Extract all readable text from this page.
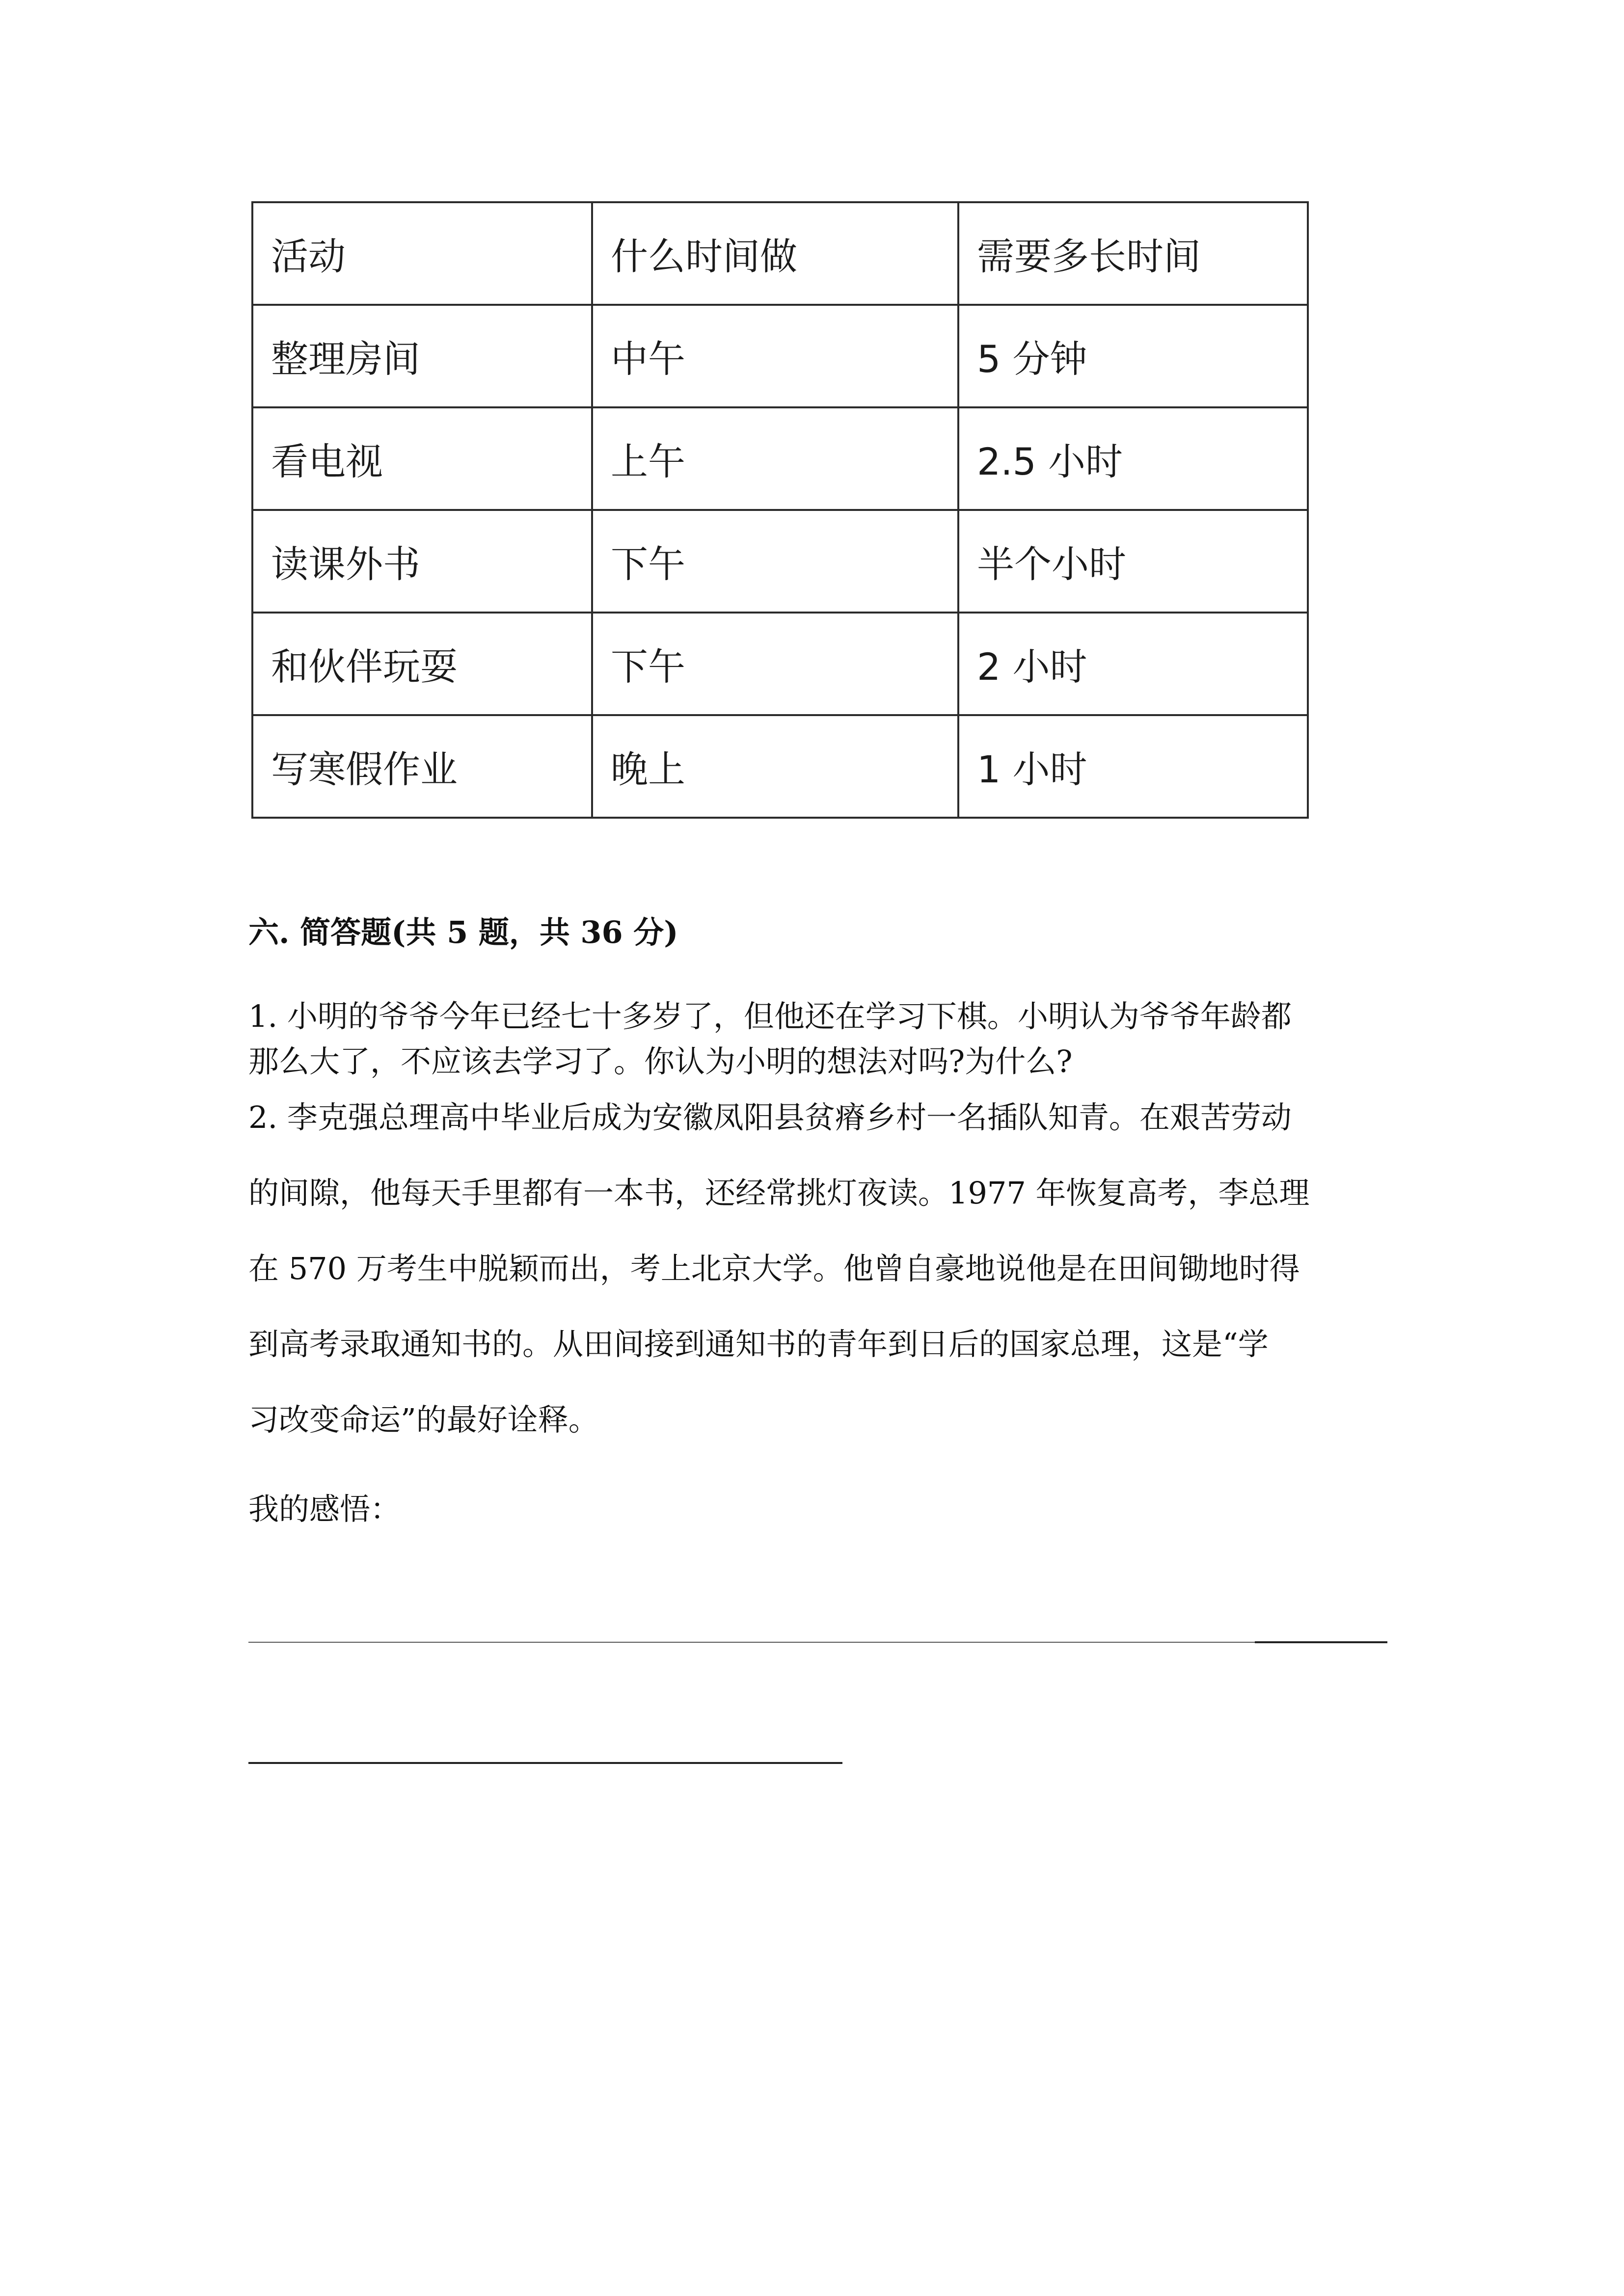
活动	什么时间做	需要多长时间
整理房间	中午	5 分钟
看电视	上午	2.5 小时
读课外书	下午	半个小时
和伙伴玩耍	下午	2 小时
写寒假作业	晚上	1 小时
六. 简答题(共 5 题，共 36 分)

1. 小明的爷爷今年已经七十多岁了，但他还在学习下棋。小明认为爷爷年龄都

那么大了，不应该去学习了。你认为小明的想法对吗?为什么?

2. 李克强总理高中毕业后成为安徽凤阳县贫瘠乡村一名插队知青。在艰苦劳动

的间隙，他每天手里都有一本书，还经常挑灯夜读。1977 年恢复高考，李总理

在 570 万考生中脱颖而出，考上北京大学。他曾自豪地说他是在田间锄地时得

到高考录取通知书的。从田间接到通知书的青年到日后的国家总理，这是“学

习改变命运”的最好诠释。

我的感悟：
